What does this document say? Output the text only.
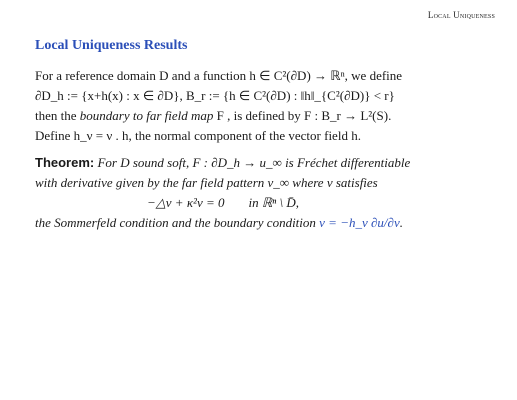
Local Uniqueness
Local Uniqueness Results
For a reference domain D and a function h ∈ C²(∂D) → ℝⁿ, we define
∂D_h := {x+h(x) : x ∈ ∂D}, B_r := {h ∈ C²(∂D) : ‖h‖_{C²(∂D)} < r}
then the boundary to far field map F , is defined by F : B_r → L²(S).
Define h_ν = ν . h, the normal component of the vector field h.
Theorem: For D sound soft, F : ∂D_h → u_∞ is Fréchet differentiable
with derivative given by the far field pattern v_∞ where v satisfies
−△v + κ²v = 0 in ℝⁿ \ D̄,
the Sommerfeld condition and the boundary condition v = −h_ν ∂u/∂ν.
